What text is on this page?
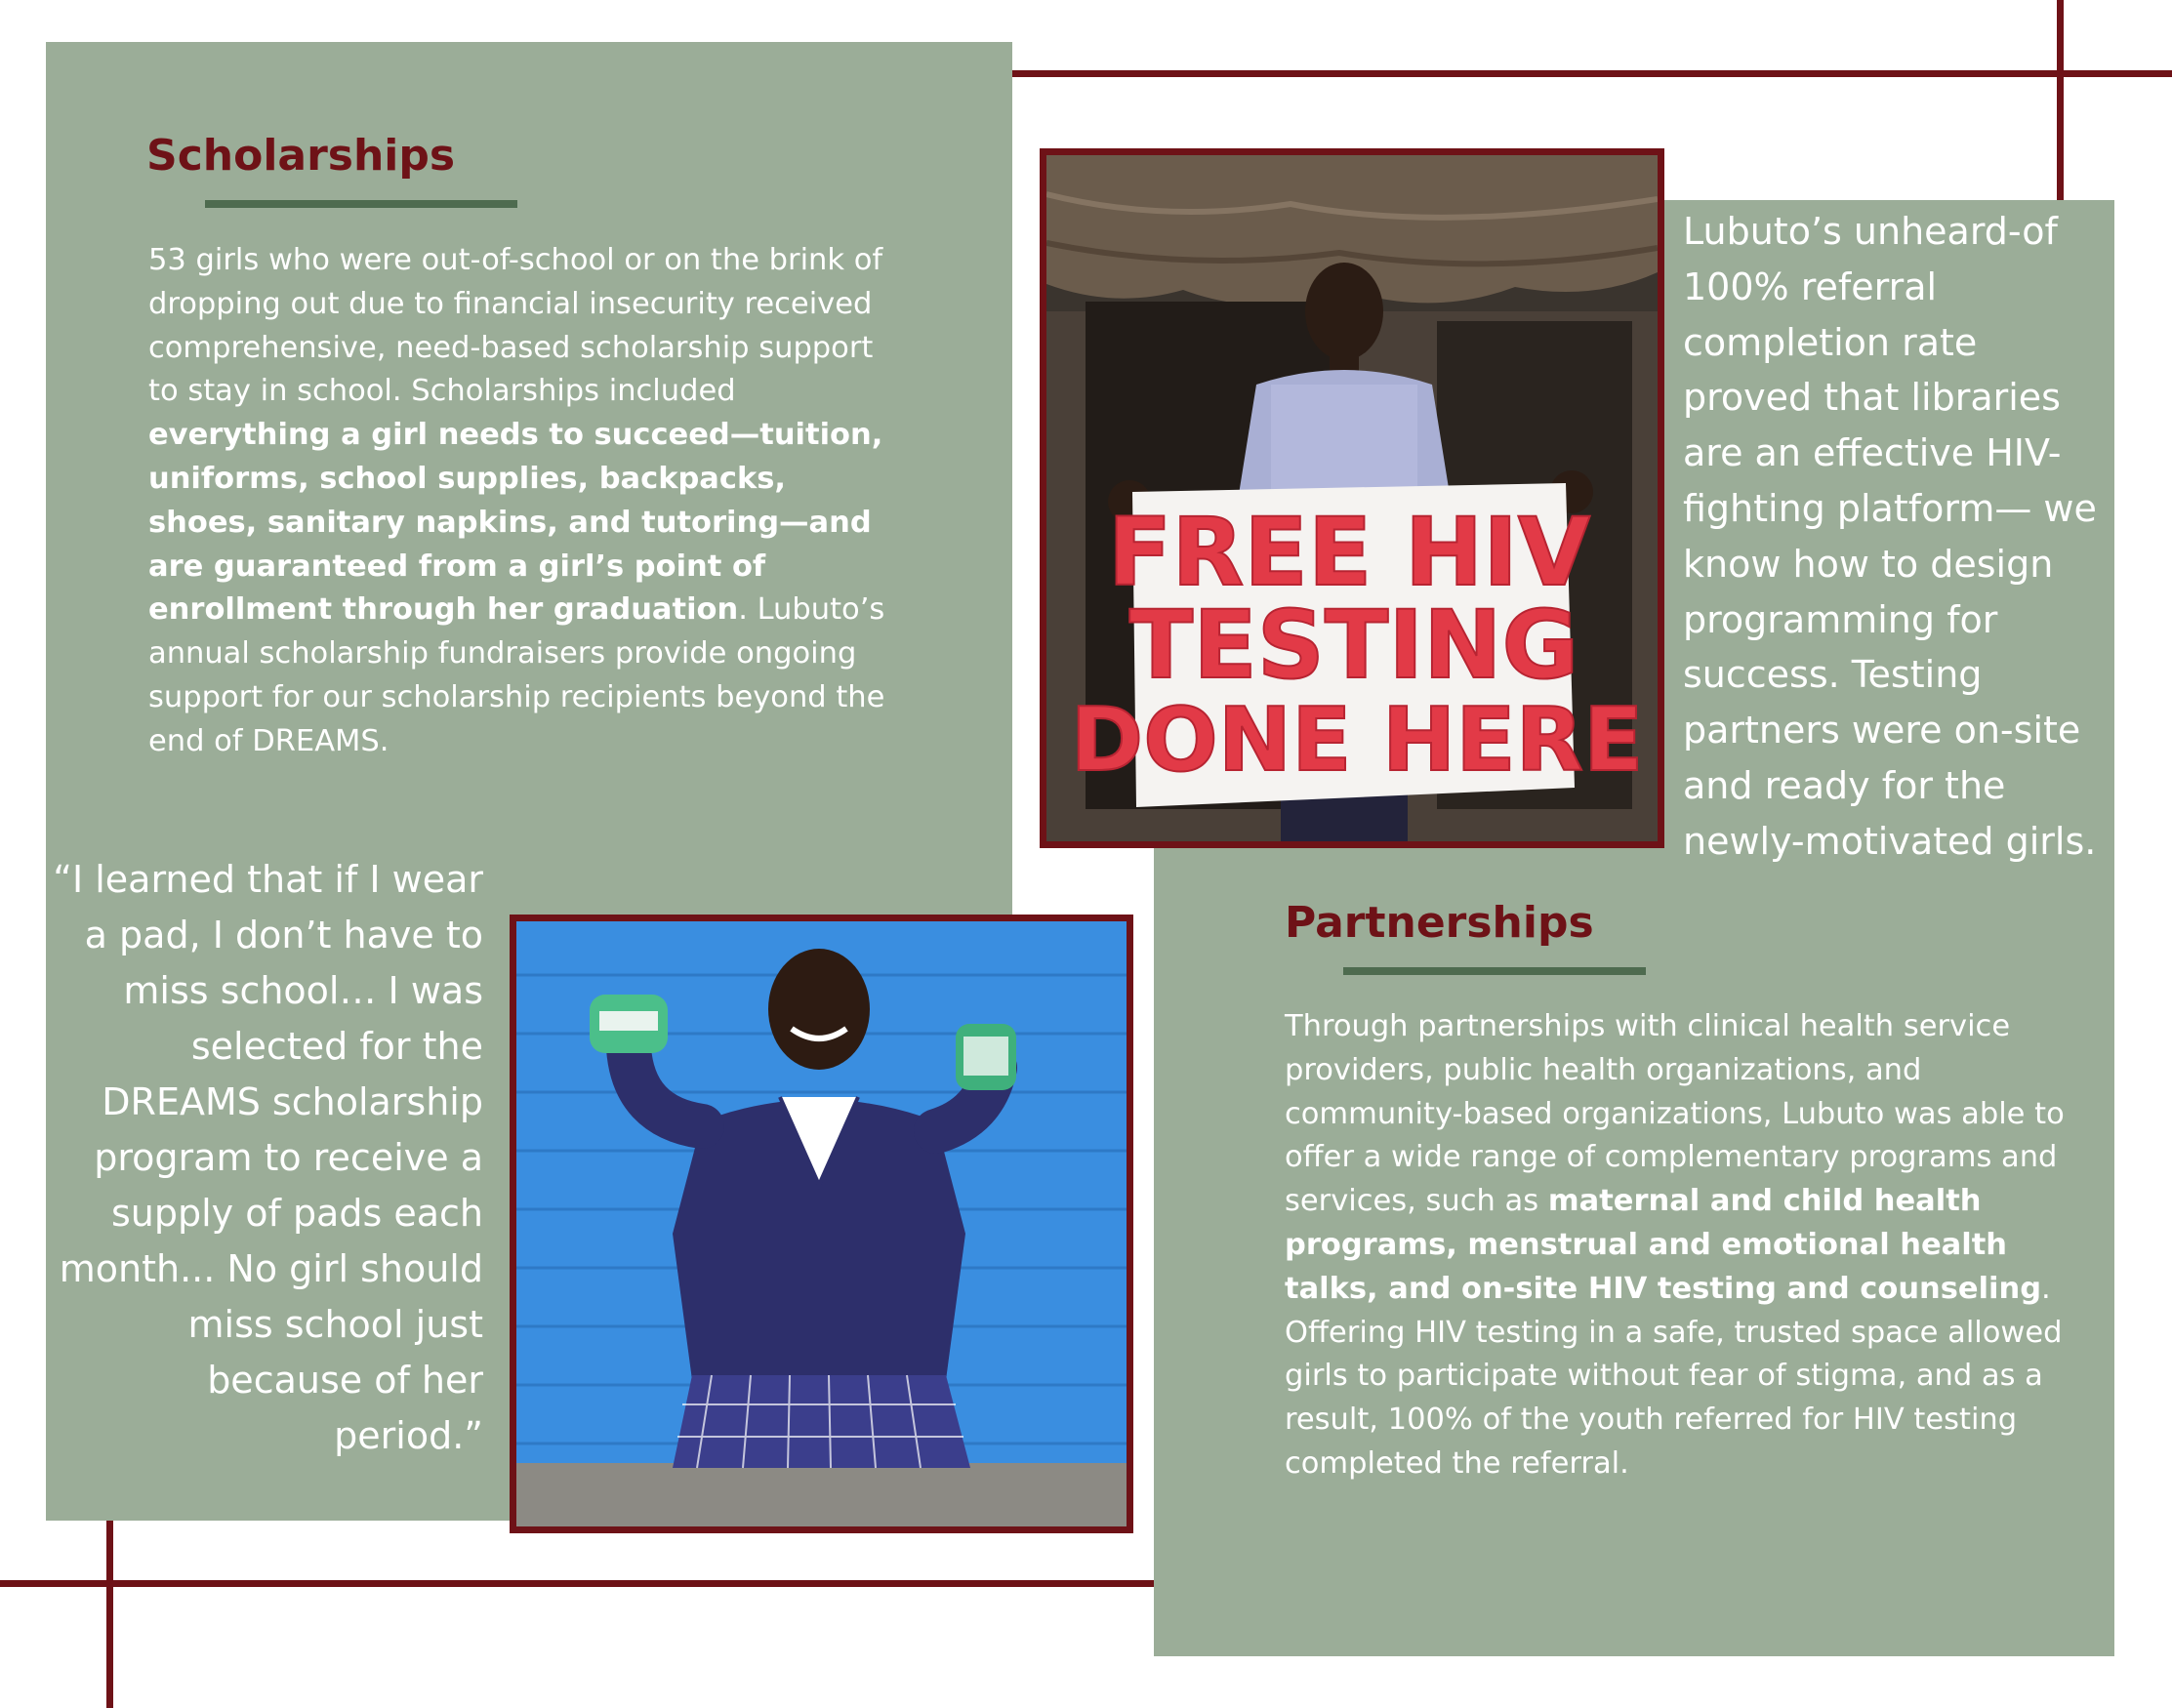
Scholarships
53 girls who were out-of-school or on the brink of dropping out due to financial insecurity received comprehensive, need-based scholarship support to stay in school. Scholarships included everything a girl needs to succeed—tuition, uniforms, school supplies, backpacks, shoes, sanitary napkins, and tutoring—and are guaranteed from a girl’s point of enrollment through her graduation. Lubuto’s annual scholarship fundraisers provide ongoing support for our scholarship recipients beyond the end of DREAMS.
“I learned that if I wear a pad, I don’t have to miss school… I was selected for the DREAMS scholarship program to receive a supply of pads each month... No girl should miss school just because of her period.”
Lubuto’s unheard-of 100% referral completion rate proved that libraries are an effective HIV-fighting platform— we know how to design programming for success. Testing partners were on-site and ready for the newly-motivated girls.
Partnerships
Through partnerships with clinical health service providers, public health organizations, and community-based organizations, Lubuto was able to offer a wide range of complementary programs and services, such as maternal and child health programs, menstrual and emotional health talks, and on-site HIV testing and counseling. Offering HIV testing in a safe, trusted space allowed girls to participate without fear of stigma, and as a result, 100% of the youth referred for HIV testing completed the referral.
FREE HIV
TESTING
DONE HERE
